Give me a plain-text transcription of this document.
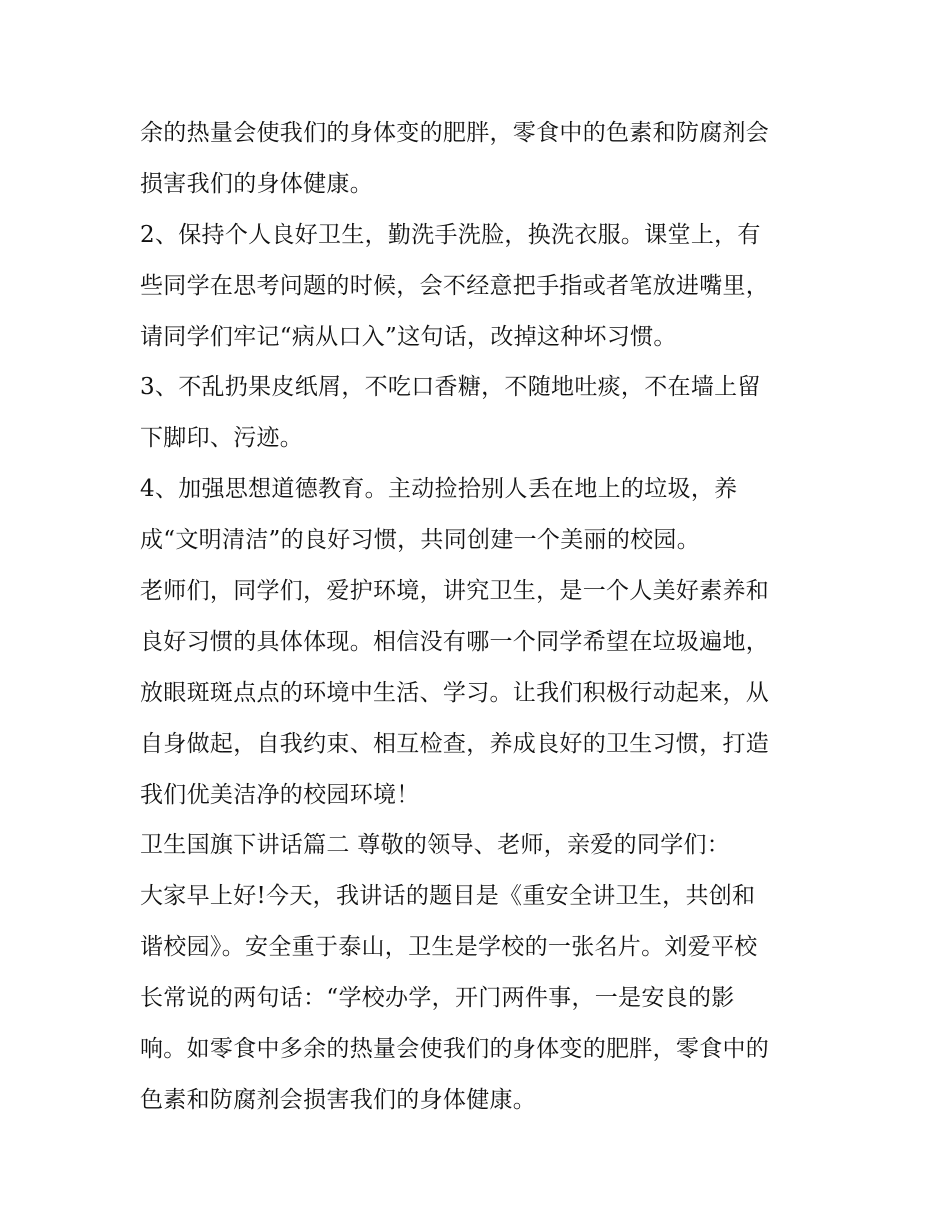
余的热量会使我们的身体变的肥胖，零食中的色素和防腐剂会
损害我们的身体健康。
2、保持个人良好卫生，勤洗手洗脸，换洗衣服。课堂上，有
些同学在思考问题的时候，会不经意把手指或者笔放进嘴里，
请同学们牢记“病从口入”这句话，改掉这种坏习惯。
3、不乱扔果皮纸屑，不吃口香糖，不随地吐痰，不在墙上留
下脚印、污迹。
4、加强思想道德教育。主动捡拾别人丢在地上的垃圾，养
成“文明清洁”的良好习惯，共同创建一个美丽的校园。
老师们，同学们，爱护环境，讲究卫生，是一个人美好素养和
良好习惯的具体体现。相信没有哪一个同学希望在垃圾遍地，
放眼斑斑点点的环境中生活、学习。让我们积极行动起来，从
自身做起，自我约束、相互检查，养成良好的卫生习惯，打造
我们优美洁净的校园环境！
卫生国旗下讲话篇二 尊敬的领导、老师，亲爱的同学们：
大家早上好!今天，我讲话的题目是《重安全讲卫生，共创和
谐校园》。安全重于泰山，卫生是学校的一张名片。刘爱平校
长常说的两句话：“学校办学，开门两件事，一是安良的影
响。如零食中多余的热量会使我们的身体变的肥胖，零食中的
色素和防腐剂会损害我们的身体健康。
